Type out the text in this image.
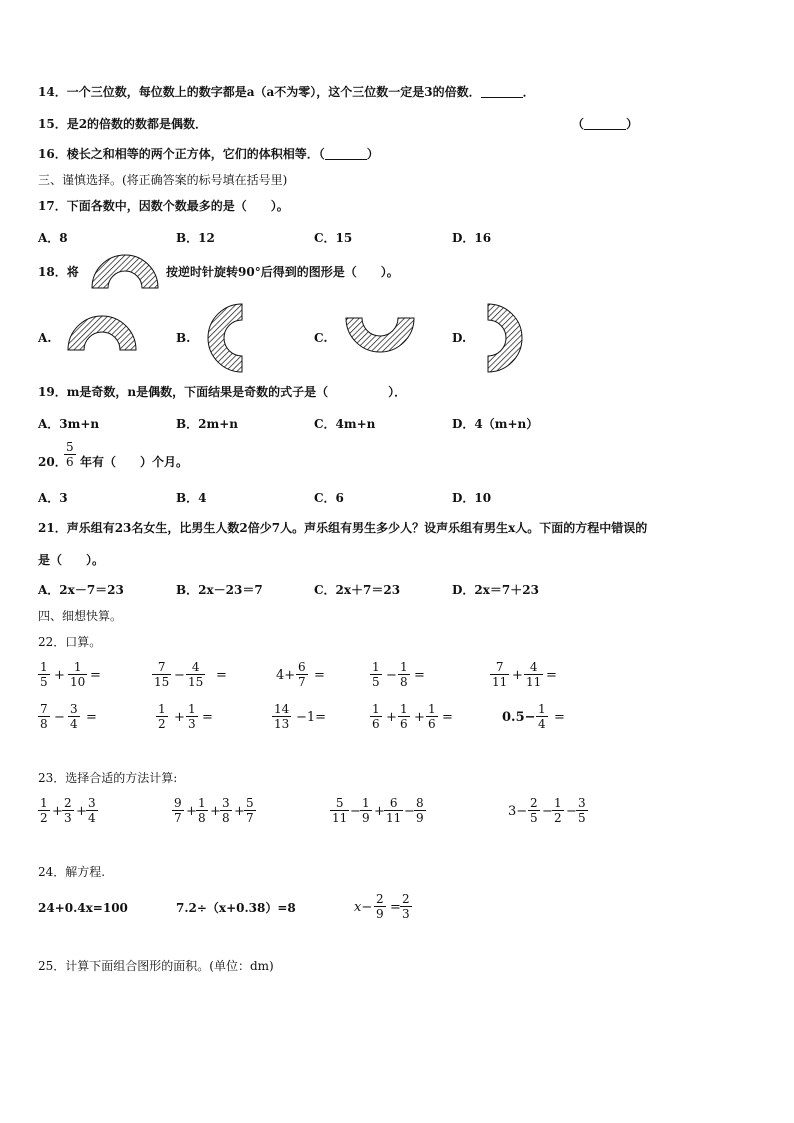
14．一个三位数，每位数上的数字都是a（a不为零），这个三位数一定是3的倍数．	．
15．是2的倍数的数都是偶数．	（	）
16．棱长之和相等的两个正方体，它们的体积相等．（	）
三、谨慎选择。(将正确答案的标号填在括号里)
17．下面各数中，因数个数最多的是（　　）。
A．8	B．12	C．15	D．16
18．将	按逆时针旋转90°后得到的图形是（　　）。
A.	B.	C.	D.
19．m是奇数，n是偶数，下面结果是奇数的式子是（　　　　　）．
A．3m+n	B．2m+n	C．4m+n	D．4（m+n）
20．
$\frac{5}{6}$ 年有（　　）个月。
A．3	B．4	C．6	D．10
21．声乐组有23名女生，比男生人数2倍少7人。声乐组有男生多少人？设声乐组有男生x人。下面的方程中错误的
是（　　）。
A．2x－7＝23	B．2x－23＝7	C．2x＋7＝23	D．2x＝7＋23
四、细想快算。
22．口算。
$\frac{1}{5} + \frac{1}{10}$ =	$\frac{7}{15} - \frac{4}{15}$ =	$4+ \frac{6}{7}$ =	$\frac{1}{5} - \frac{1}{8}$ =	$\frac{7}{11} + \frac{4}{11}$ =
$\frac{7}{8} - \frac{3}{4}$ =	$\frac{1}{2} + \frac{1}{3}$ =	$\frac{14}{13} -1=$	$\frac{1}{6} + \frac{1}{6} + \frac{1}{6}$ =	$0.5- \frac{1}{4}$ =
23．选择合适的方法计算:
$\frac{1}{2} + \frac{2}{3} + \frac{3}{4}$	$\frac{9}{7} + \frac{1}{8} + \frac{3}{8} + \frac{5}{7}$	$\frac{5}{11} - \frac{1}{9} + \frac{6}{11} - \frac{8}{9}$	$3- \frac{2}{5} - \frac{1}{2} - \frac{3}{5}$
24．解方程.
24+0.4x=100	7.2÷（x+0.38）=8	$x- \frac{2}{9} = \frac{2}{3}$
25．计算下面组合图形的面积。(单位：dm)
